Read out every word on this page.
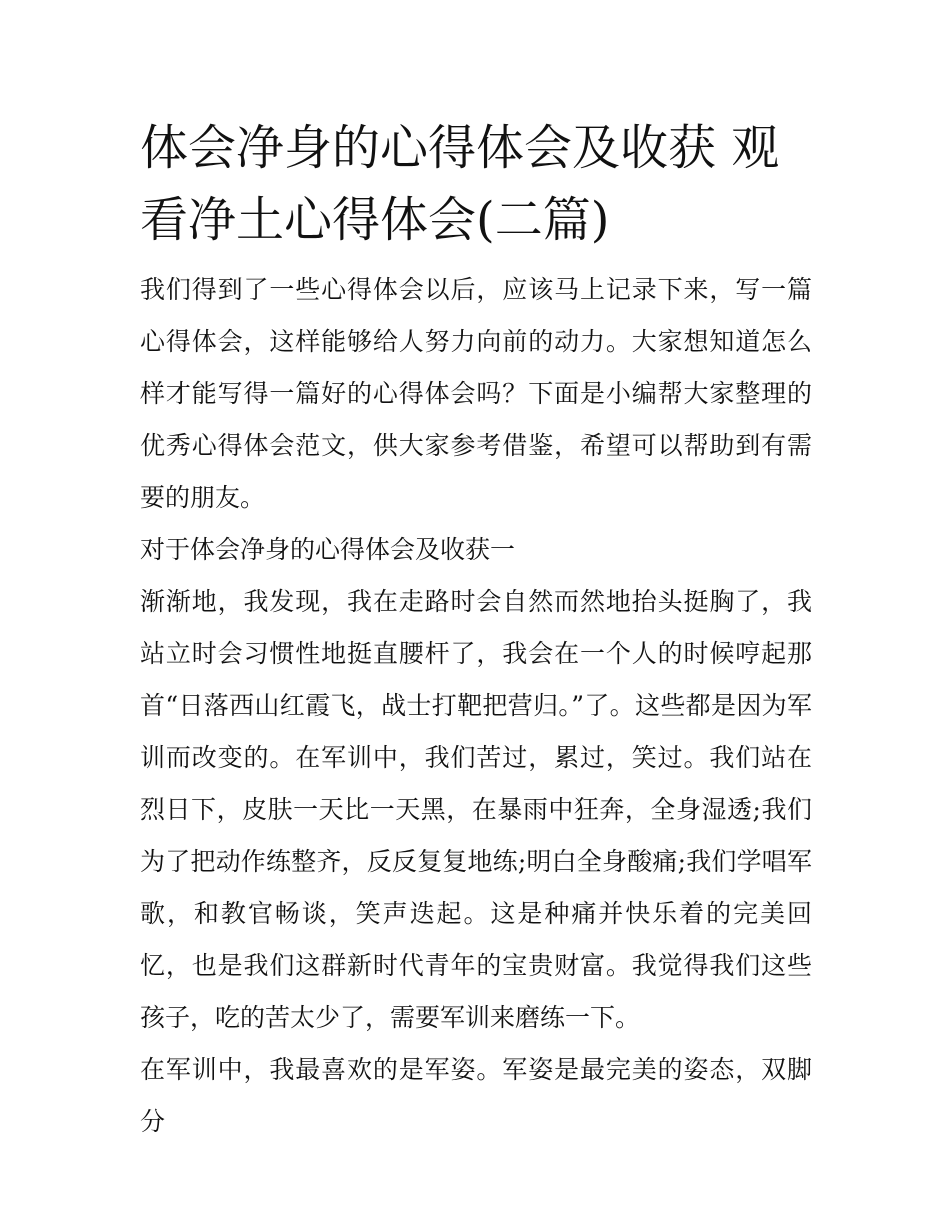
体会净身的心得体会及收获 观看净土心得体会(二篇)

我们得到了一些心得体会以后，应该马上记录下来，写一篇心得体会，这样能够给人努力向前的动力。大家想知道怎么样才能写得一篇好的心得体会吗？下面是小编帮大家整理的优秀心得体会范文，供大家参考借鉴，希望可以帮助到有需要的朋友。

对于体会净身的心得体会及收获一

渐渐地，我发现，我在走路时会自然而然地抬头挺胸了，我站立时会习惯性地挺直腰杆了，我会在一个人的时候哼起那首“日落西山红霞飞，战士打靶把营归。”了。这些都是因为军训而改变的。在军训中，我们苦过，累过，笑过。我们站在烈日下，皮肤一天比一天黑，在暴雨中狂奔，全身湿透;我们为了把动作练整齐，反反复复地练;明白全身酸痛;我们学唱军歌，和教官畅谈，笑声迭起。这是种痛并快乐着的完美回忆，也是我们这群新时代青年的宝贵财富。我觉得我们这些孩子，吃的苦太少了，需要军训来磨练一下。

在军训中，我最喜欢的是军姿。军姿是最完美的姿态，双脚分
